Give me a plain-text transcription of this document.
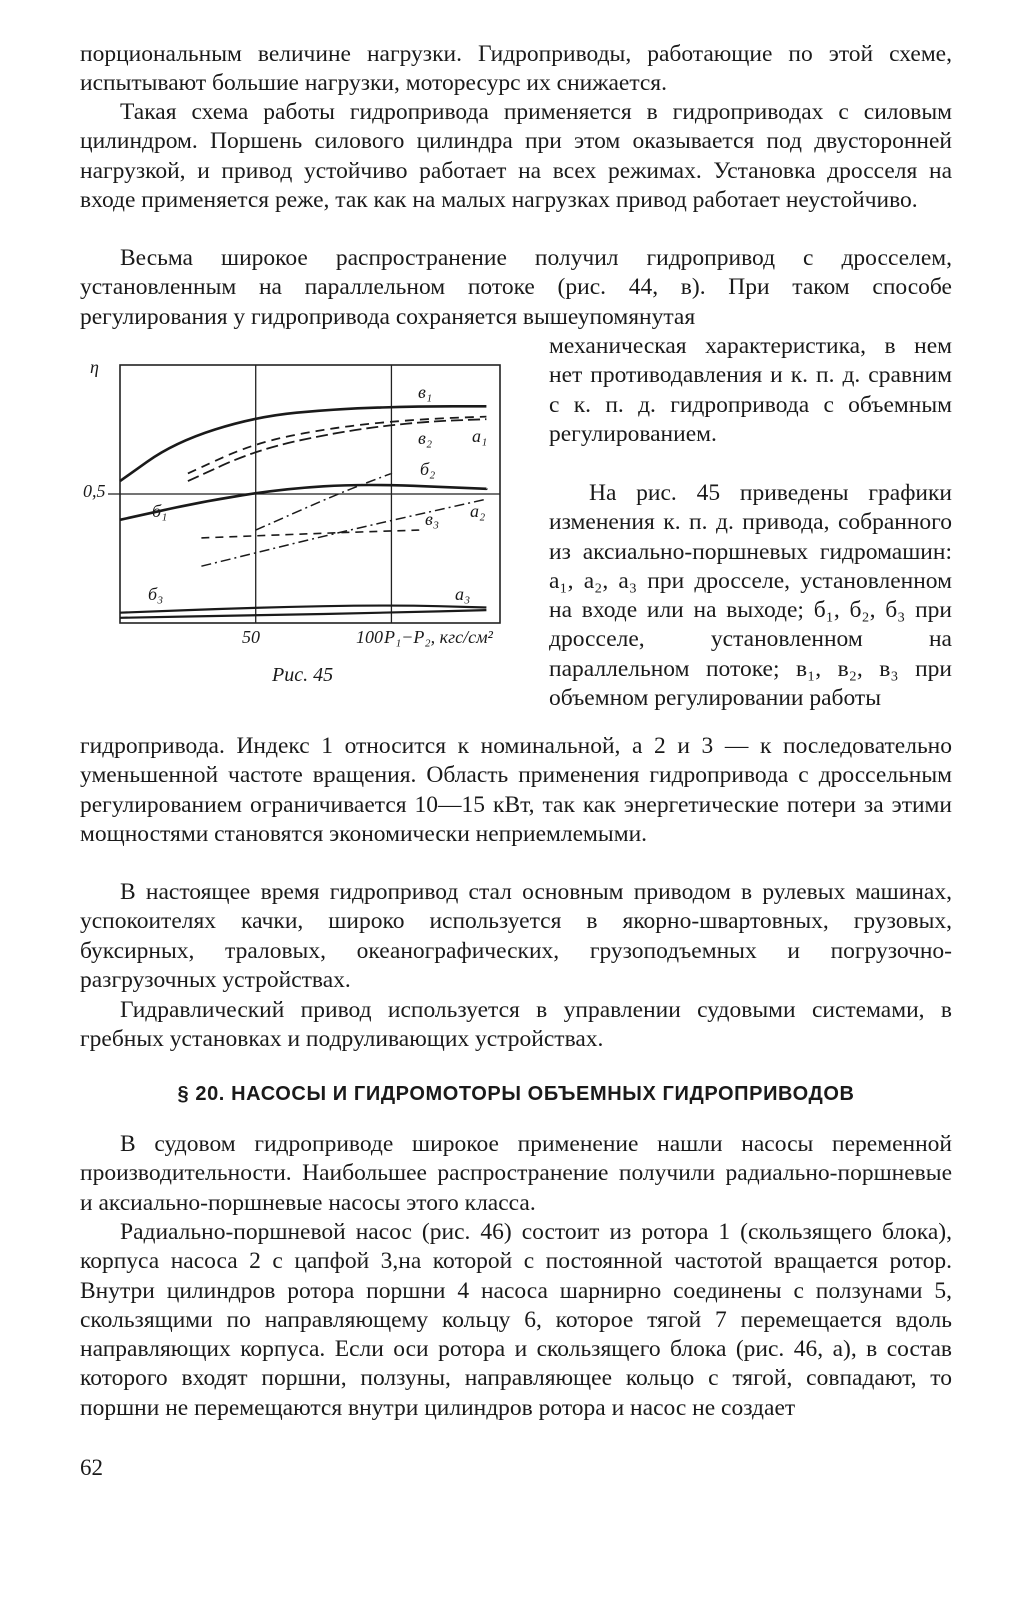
порциональным величине нагрузки. Гидроприводы, работающие по этой схеме, испытывают большие нагрузки, моторесурс их снижается.
Такая схема работы гидропривода применяется в гидроприводах с силовым цилиндром. Поршень силового цилиндра при этом оказывается под двусторонней нагрузкой, и привод устойчиво работает на всех режимах. Установка дросселя на входе применяется реже, так как на малых нагрузках привод работает неустойчиво.
Весьма широкое распространение получил гидропривод с дросселем, установленным на параллельном потоке (рис. 44, в). При таком способе регулирования у гидропривода сохраняется вышеупомянутая
механическая характеристика, в нем нет противодавления и к. п. д. сравним с к. п. д. гидропривода с объемным регулированием.
На рис. 45 приведены графики изменения к. п. д. привода, собранного из аксиально-поршневых гидромашин: а₁, а₂, а₃ при дросселе, установленном на входе или на выходе; б₁, б₂, б₃ при дросселе, установленном на параллельном потоке; в₁, в₂, в₃ при объемном регулировании работы
η
0,5
50	100 P₁−P₂, кгс/см²
в₁
в₂ а₁
б₂
б₁	а₂
в₃
б₃	а₃
Рис. 45
гидропривода. Индекс 1 относится к номинальной, а 2 и 3 — к последовательно уменьшенной частоте вращения. Область применения гидропривода с дроссельным регулированием ограничивается 10—15 кВт, так как энергетические потери за этими мощностями становятся экономически неприемлемыми.
В настоящее время гидропривод стал основным приводом в рулевых машинах, успокоителях качки, широко используется в якорно-швартовных, грузовых, буксирных, траловых, океанографических, грузоподъемных и погрузочно-разгрузочных устройствах.
Гидравлический привод используется в управлении судовыми системами, в гребных установках и подруливающих устройствах.
§ 20. НАСОСЫ И ГИДРОМОТОРЫ ОБЪЕМНЫХ ГИДРОПРИВОДОВ
В судовом гидроприводе широкое применение нашли насосы переменной производительности. Наибольшее распространение получили радиально-поршневые и аксиально-поршневые насосы этого класса.
Радиально-поршневой насос (рис. 46) состоит из ротора 1 (скользящего блока), корпуса насоса 2 с цапфой 3,на которой с постоянной частотой вращается ротор. Внутри цилиндров ротора поршни 4 насоса шарнирно соединены с ползунами 5, скользящими по направляющему кольцу 6, которое тягой 7 перемещается вдоль направляющих корпуса. Если оси ротора и скользящего блока (рис. 46, а), в состав которого входят поршни, ползуны, направляющее кольцо с тягой, совпадают, то поршни не перемещаются внутри цилиндров ротора и насос не создает
62
